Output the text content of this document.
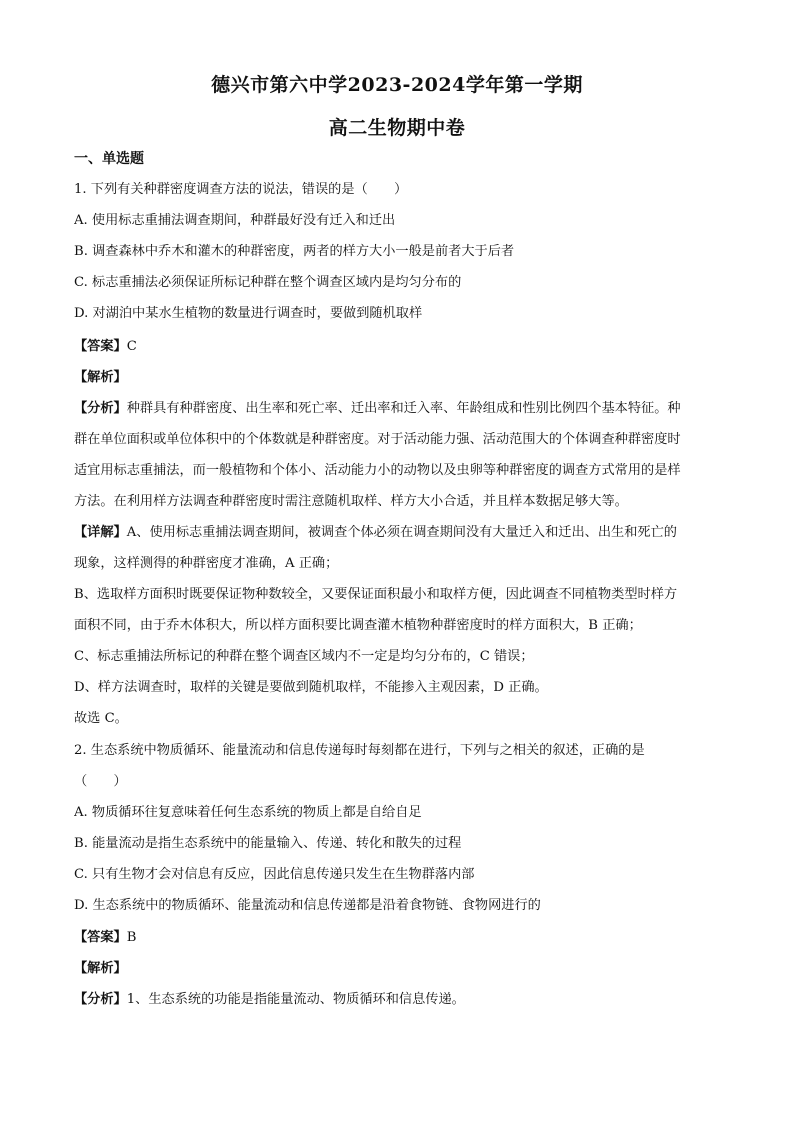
德兴市第六中学2023-2024学年第一学期
高二生物期中卷
一、单选题
1. 下列有关种群密度调查方法的说法，错误的是（　　）
A. 使用标志重捕法调查期间，种群最好没有迁入和迁出
B. 调查森林中乔木和灌木的种群密度，两者的样方大小一般是前者大于后者
C. 标志重捕法必须保证所标记种群在整个调查区域内是均匀分布的
D. 对湖泊中某水生植物的数量进行调查时，要做到随机取样
【答案】C
【解析】
【分析】种群具有种群密度、出生率和死亡率、迁出率和迁入率、年龄组成和性别比例四个基本特征。种
群在单位面积或单位体积中的个体数就是种群密度。对于活动能力强、活动范围大的个体调查种群密度时
适宜用标志重捕法，而一般植物和个体小、活动能力小的动物以及虫卵等种群密度的调查方式常用的是样
方法。在利用样方法调查种群密度时需注意随机取样、样方大小合适，并且样本数据足够大等。
【详解】A、使用标志重捕法调查期间，被调查个体必须在调查期间没有大量迁入和迁出、出生和死亡的
现象，这样测得的种群密度才准确，A 正确；
B、选取样方面积时既要保证物种数较全，又要保证面积最小和取样方便，因此调查不同植物类型时样方
面积不同，由于乔木体积大，所以样方面积要比调查灌木植物种群密度时的样方面积大，B 正确；
C、标志重捕法所标记的种群在整个调查区域内不一定是均匀分布的，C 错误；
D、样方法调查时，取样的关键是要做到随机取样，不能掺入主观因素，D 正确。
故选 C。
2. 生态系统中物质循环、能量流动和信息传递每时每刻都在进行，下列与之相关的叙述，正确的是
（　　）
A. 物质循环往复意味着任何生态系统的物质上都是自给自足
B. 能量流动是指生态系统中的能量输入、传递、转化和散失的过程
C. 只有生物才会对信息有反应，因此信息传递只发生在生物群落内部
D. 生态系统中的物质循环、能量流动和信息传递都是沿着食物链、食物网进行的
【答案】B
【解析】
【分析】1、生态系统的功能是指能量流动、物质循环和信息传递。
